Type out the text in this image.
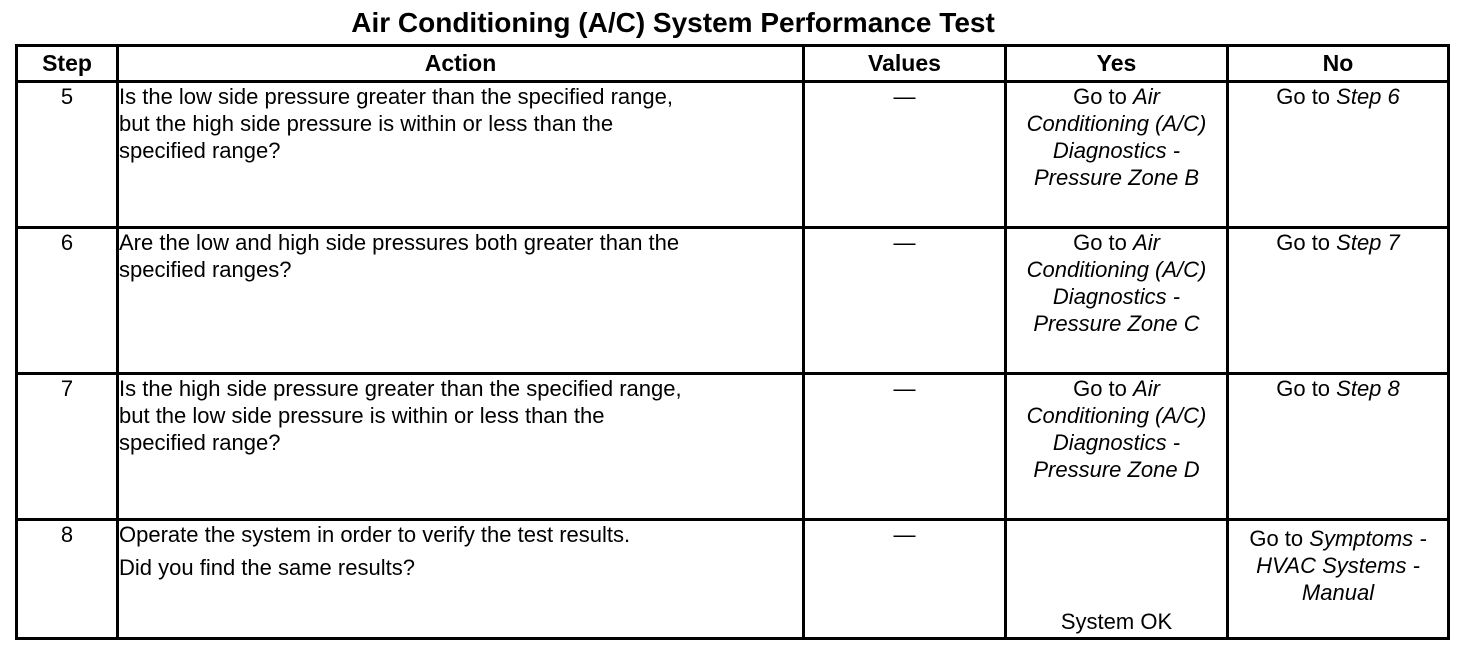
Air Conditioning (A/C) System Performance Test
Step	Action	Values	Yes	No
5	Is the low side pressure greater than the specified range,
but the high side pressure is within or less than the
specified range?	—	Go to Air
Conditioning (A/C)
Diagnostics -
Pressure Zone B	Go to Step 6
6	Are the low and high side pressures both greater than the
specified ranges?	—	Go to Air
Conditioning (A/C)
Diagnostics -
Pressure Zone C	Go to Step 7
7	Is the high side pressure greater than the specified range,
but the low side pressure is within or less than the
specified range?	—	Go to Air
Conditioning (A/C)
Diagnostics -
Pressure Zone D	Go to Step 8
8	Operate the system in order to verify the test results.
Did you find the same results?	—	System OK	Go to Symptoms - HVAC Systems - Manual
